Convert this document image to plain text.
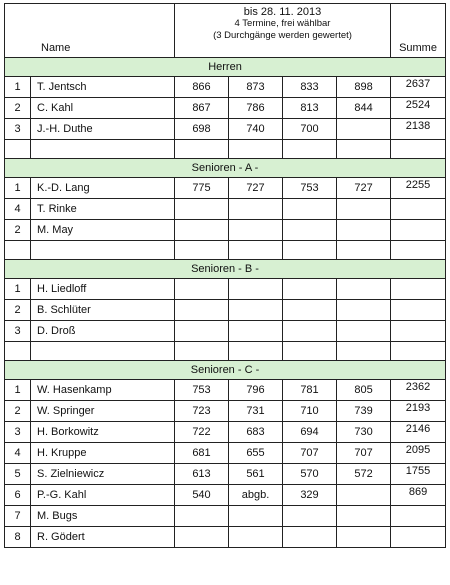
Name		bis 28. 11. 2013
4 Termine, frei wählbar
(3 Durchgänge werden gewertet)				Summe
Herren						
1	T. Jentsch	866	873	833	898	2637
2	C. Kahl	867	786	813	844	2524
3	J.-H. Duthe	698	740	700		2138

Senioren - A -						
1	K.-D. Lang	775	727	753	727	2255
4	T. Rinke					
2	M. May					

Senioren - B -						
1	H. Liedloff					
2	B. Schlüter					
3	D. Droß					

Senioren - C -						
1	W. Hasenkamp	753	796	781	805	2362
2	W. Springer	723	731	710	739	2193
3	H. Borkowitz	722	683	694	730	2146
4	H. Kruppe	681	655	707	707	2095
5	S. Zielniewicz	613	561	570	572	1755
6	P.-G. Kahl	540	abgb.	329		869
7	M. Bugs					
8	R. Gödert					
